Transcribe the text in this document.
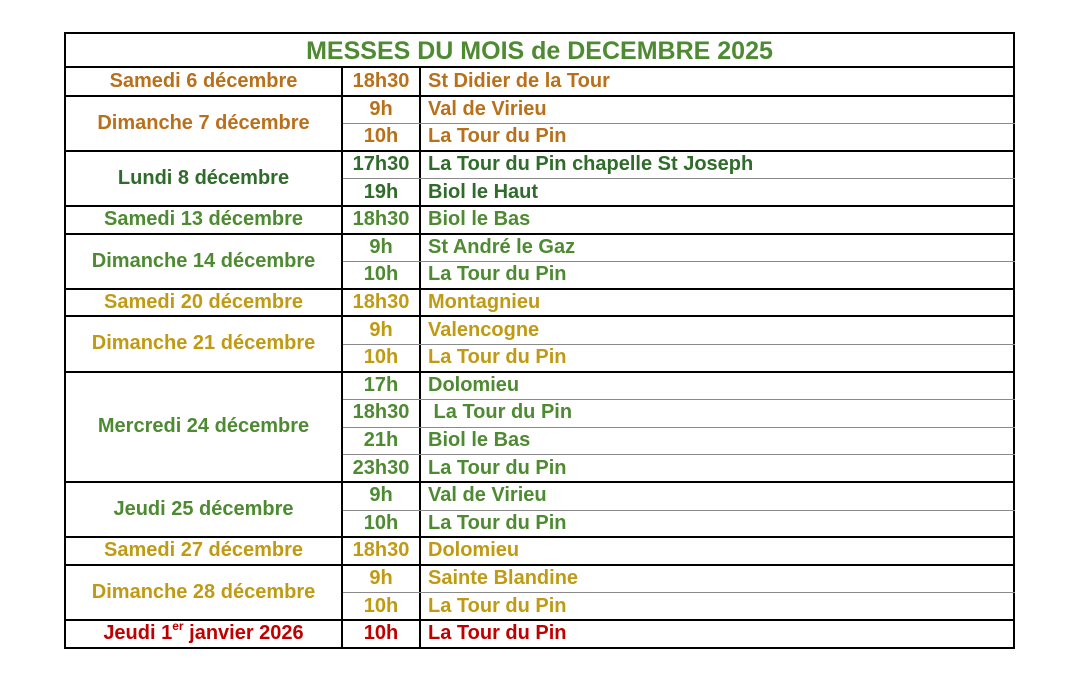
MESSES DU MOIS de DECEMBRE 2025
Samedi 6 décembre	18h30 St Didier de la Tour
Dimanche 7 décembre
9h	Val de Virieu
10h	La Tour du Pin
Lundi 8 décembre
17h30 La Tour du Pin chapelle St Joseph
19h	Biol le Haut
Samedi 13 décembre	18h30 Biol le Bas
Dimanche 14 décembre
9h	St André le Gaz
10h	La Tour du Pin
Samedi 20 décembre	18h30 Montagnieu
Dimanche 21 décembre
9h	Valencogne
10h	La Tour du Pin
Mercredi 24 décembre
17h	Dolomieu
18h30 La Tour du Pin
21h	Biol le Bas
23h30 La Tour du Pin
Jeudi 25 décembre
9h	Val de Virieu
10h	La Tour du Pin
Samedi 27 décembre	18h30 Dolomieu
Dimanche 28 décembre
9h	Sainte Blandine
10h	La Tour du Pin
Jeudi 1er janvier 2026	10h	La Tour du Pin
